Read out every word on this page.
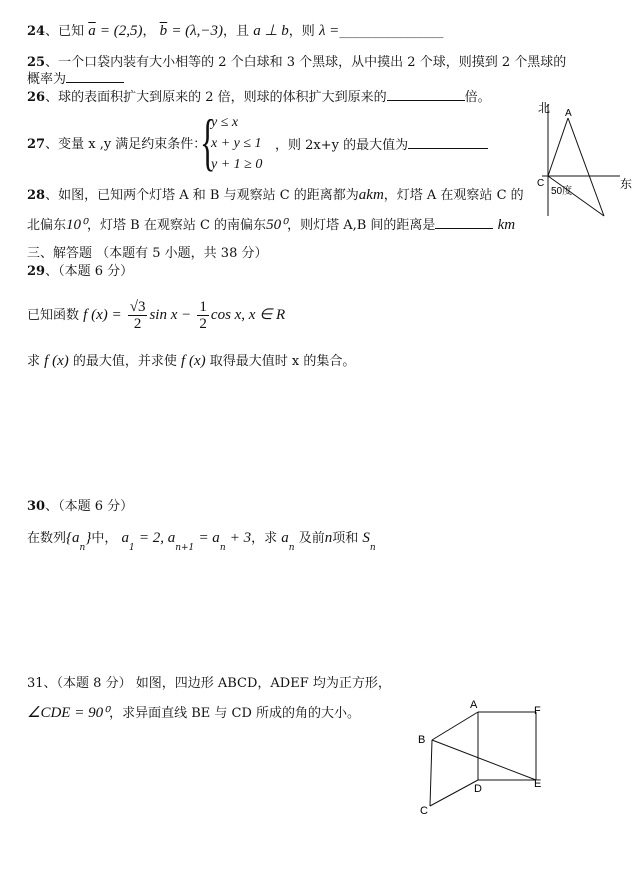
24、已知 $\overline{a} = (2,5)$， $\overline{b} = (\lambda,-3)$，且 a ⊥ b，则 λ =________________
25、一个口袋内装有大小相等的 2 个白球和 3 个黑球，从中摸出 2 个球，则摸到 2 个黑球的
概率为
26、球的表面积扩大到原来的 2 倍，则球的体积扩大到原来的	倍。
27、变量 x ,y 满足约束条件：
{
y ≤ x
x + y ≤ 1
y + 1 ≥ 0
，则 2x+y 的最大值为
28、如图，已知两个灯塔 A 和 B 与观察站 C 的距离都为akm，灯塔 A 在观察站 C 的
北偏东10⁰，灯塔 B 在观察站 C 的南偏东50⁰，则灯塔 A,B 间的距离是	km
北
东
A
C
50度
三、解答题 （本题有 5 小题，共 38 分）
29、（本题 6 分）
已知函数 f $(x) = \frac{√3}{2}$ $\sin x - \frac{1}{2}$ cos x, x ∈ R
求 f (x) 的最大值，并求使 f (x) 取得最大值时 x 的集合。
30、（本题 6 分）
在数列$\{a_n\}$中， $a_1 = 2$, $a_{n+1} = a_n + 3$，求 $a_n$ 及前n项和 $S_n$
31、（本题 8 分） 如图，四边形 ABCD，ADEF 均为正方形，
∠CDE = 90⁰，求异面直线 BE 与 CD 所成的角的大小。
A	F
B
D	E
C
